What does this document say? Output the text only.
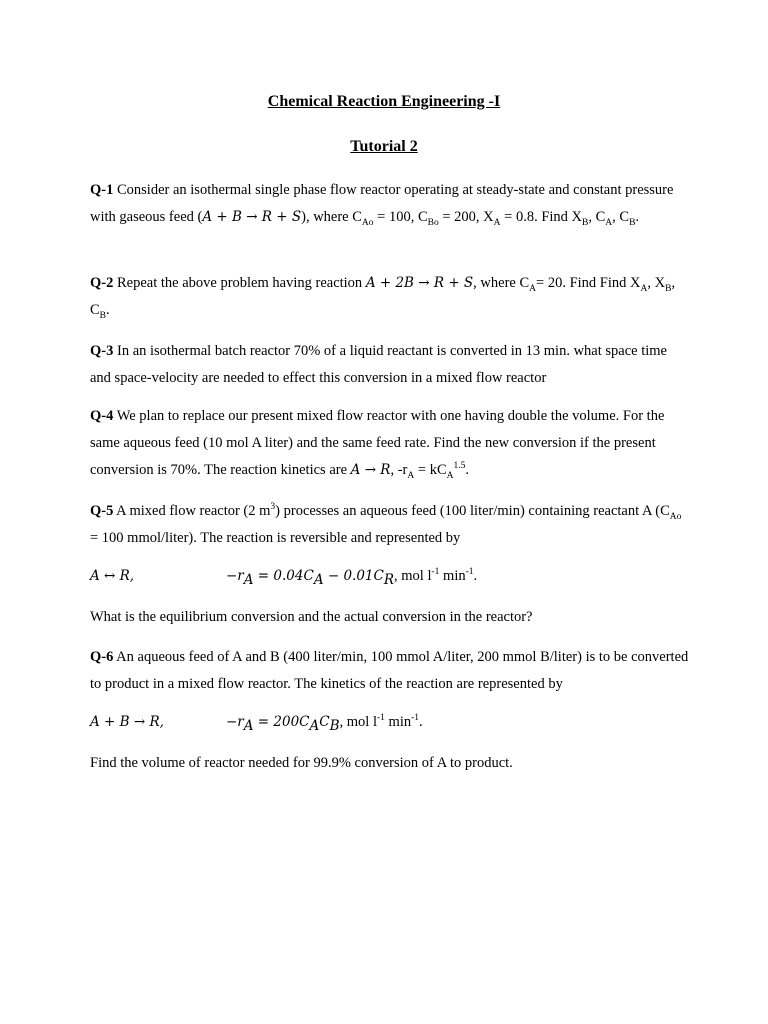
Chemical Reaction Engineering -I
Tutorial 2
Q-1 Consider an isothermal single phase flow reactor operating at steady-state and constant pressure with gaseous feed (A + B → R + S), where $C_{Ao} = 100$, $C_{Bo} = 200$, $X_A = 0.8$. Find $X_B$, $C_A$, $C_B$.
Q-2 Repeat the above problem having reaction A + 2B → R + S, where $C_A= 20$. Find Find $X_A$, $X_B$, $C_B$.
Q-3 In an isothermal batch reactor 70% of a liquid reactant is converted in 13 min. what space time and space-velocity are needed to effect this conversion in a mixed flow reactor
Q-4 We plan to replace our present mixed flow reactor with one having double the volume. For the same aqueous feed (10 mol A liter) and the same feed rate. Find the new conversion if the present conversion is 70%. The reaction kinetics are A → R, $-r_A = kC_A^{1.5}$.
Q-5 A mixed flow reactor (2 $m^3$) processes an aqueous feed (100 liter/min) containing reactant A ($C_{Ao} = 100$ mmol/liter). The reaction is reversible and represented by
A ↔ R,	$-r_A = 0.04C_A - 0.01C_R$, mol $l^{-1}$ $\min^{-1}$.
What is the equilibrium conversion and the actual conversion in the reactor?
Q-6 An aqueous feed of A and B (400 liter/min, 100 mmol A/liter, 200 mmol B/liter) is to be converted to product in a mixed flow reactor. The kinetics of the reaction are represented by
A + B → R,	$-r_A = 200C_AC_B$, mol $l^{-1}$ $\min^{-1}$.
Find the volume of reactor needed for 99.9% conversion of A to product.
